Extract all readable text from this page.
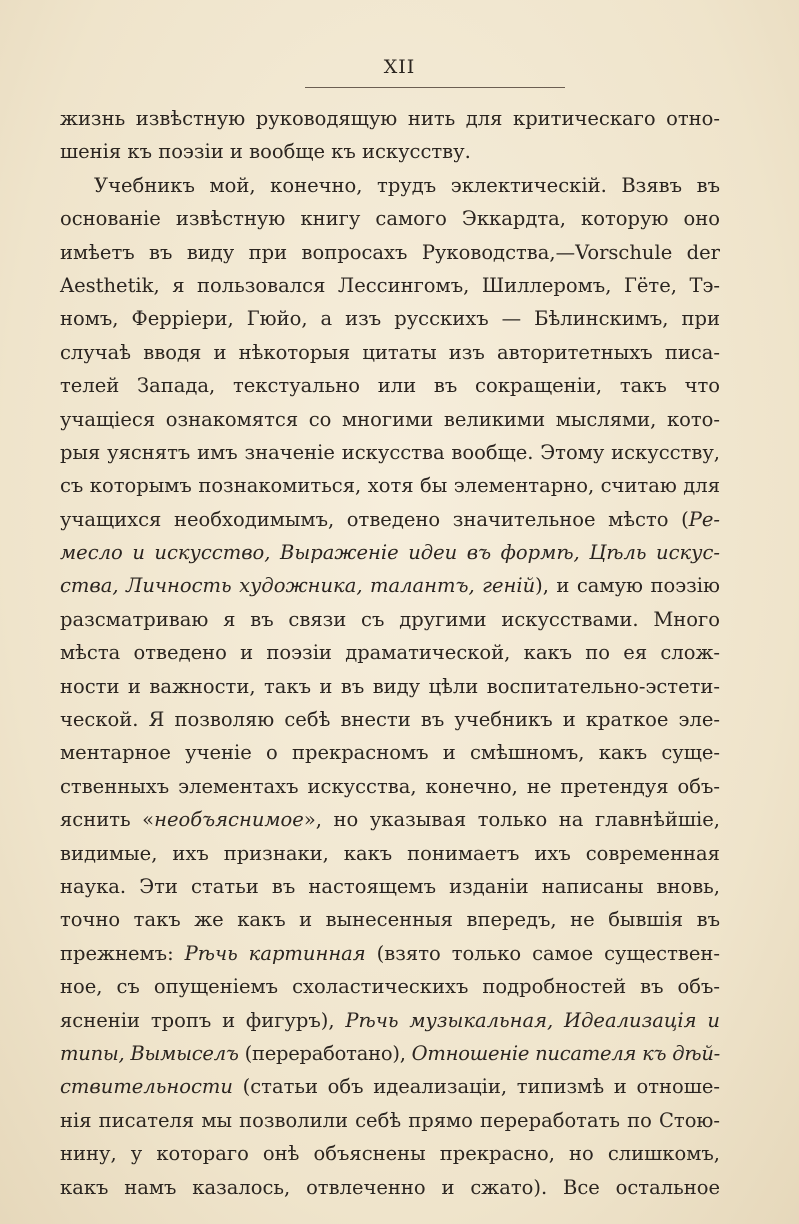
XII
жизнь извѣстную руководящую нить для критическаго отно-
шенія къ поэзіи и вообще къ искусству.
Учебникъ мой, конечно, трудъ эклектическій. Взявъ въ
основаніе извѣстную книгу самого Эккардта, которую оно
имѣетъ въ виду при вопросахъ Руководства,—Vorschule der
Aesthetik, я пользовался Лессингомъ, Шиллеромъ, Гёте, Тэ-
номъ, Ферріери, Гюйо, а изъ русскихъ — Бѣлинскимъ, при
случаѣ вводя и нѣкоторыя цитаты изъ авторитетныхъ писа-
телей Запада, текстуально или въ сокращеніи, такъ что
учащіеся ознакомятся со многими великими мыслями, кото-
рыя уяснятъ имъ значеніе искусства вообще. Этому искусству,
съ которымъ познакомиться, хотя бы элементарно, считаю для
учащихся необходимымъ, отведено значительное мѣсто (Ре-
месло и искусство, Выраженіе идеи въ формѣ, Цѣль искус-
ства, Личность художника, талантъ, геній), и самую поэзію
разсматриваю я въ связи съ другими искусствами. Много
мѣста отведено и поэзіи драматической, какъ по ея слож-
ности и важности, такъ и въ виду цѣли воспитательно-эстети-
ческой. Я позволяю себѣ внести въ учебникъ и краткое эле-
ментарное ученіе о прекрасномъ и смѣшномъ, какъ суще-
ственныхъ элементахъ искусства, конечно, не претендуя объ-
яснить «необъяснимое», но указывая только на главнѣйшіе,
видимые, ихъ признаки, какъ понимаетъ ихъ современная
наука. Эти статьи въ настоящемъ изданіи написаны вновь,
точно такъ же какъ и вынесенныя впередъ, не бывшія въ
прежнемъ: Рѣчь картинная (взято только самое существен-
ное, съ опущеніемъ схоластическихъ подробностей въ объ-
ясненіи тропъ и фигуръ), Рѣчь музыкальная, Идеализація и
типы, Вымыселъ (переработано), Отношеніе писателя къ дѣй-
ствительности (статьи объ идеализаціи, типизмѣ и отноше-
нія писателя мы позволили себѣ прямо переработать по Стою-
нину, у котораго онѣ объяснены прекрасно, но слишкомъ,
какъ намъ казалось, отвлеченно и сжато). Все остальное
